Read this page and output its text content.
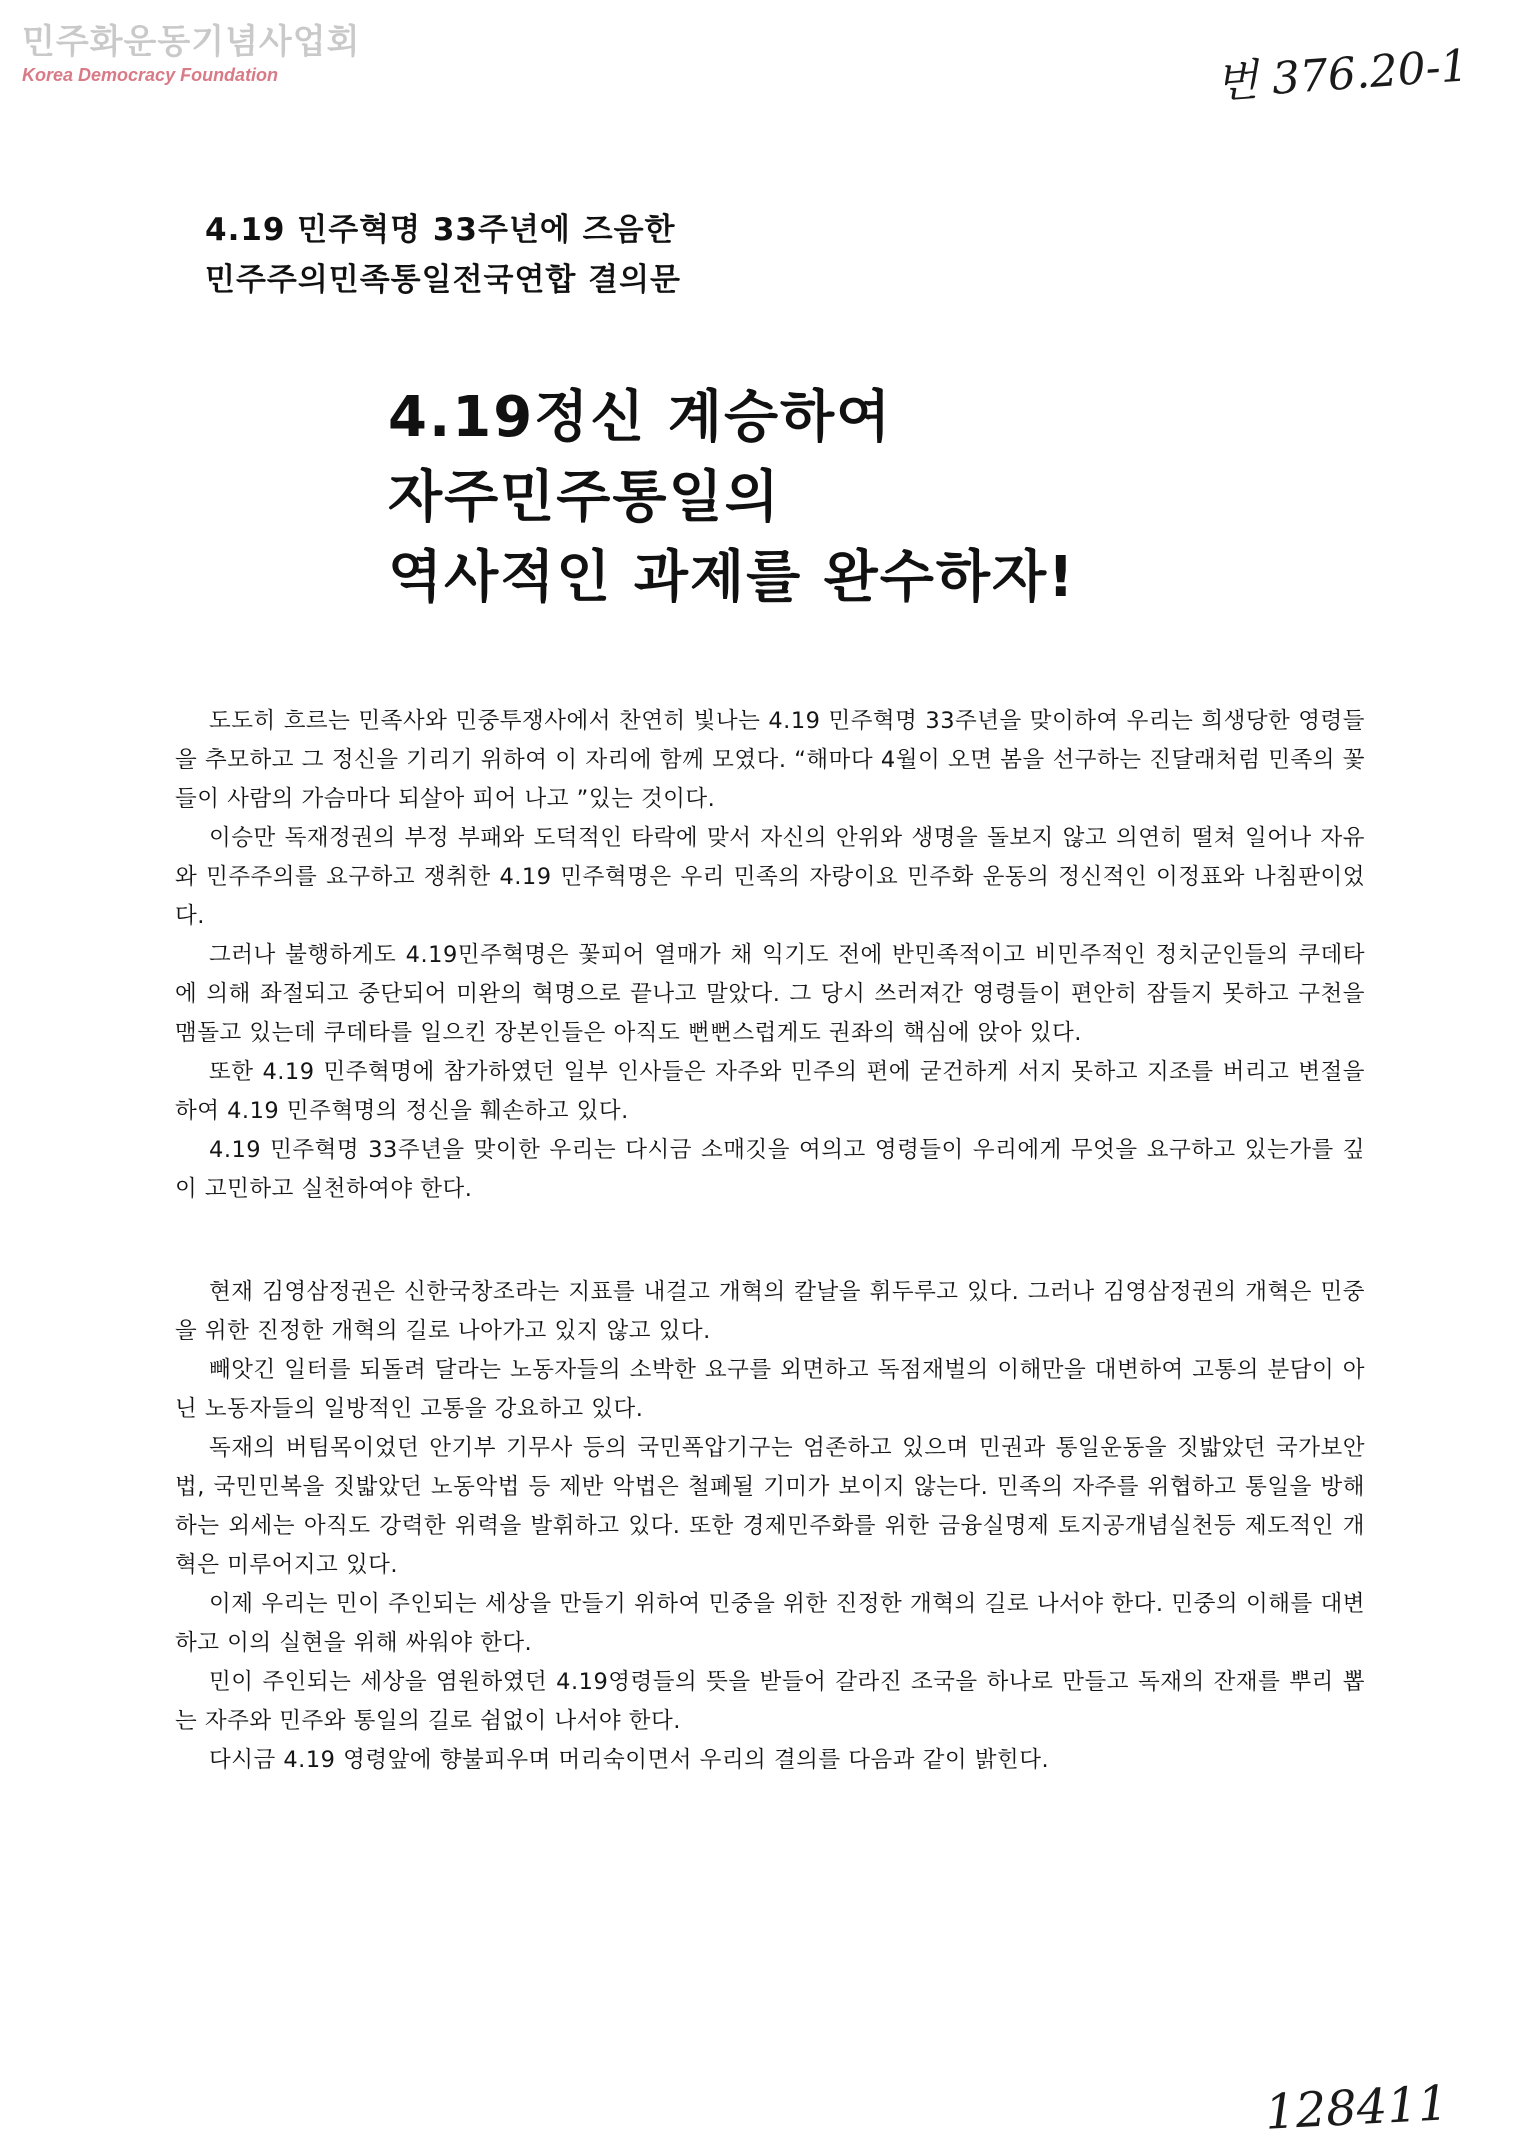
민주화운동기념사업회
Korea Democracy Foundation	번 376.20-1
4.19 민주혁명 33주년에 즈음한
민주주의민족통일전국연합 결의문
4.19정신 계승하여
자주민주통일의
역사적인 과제를 완수하자!

도도히 흐르는 민족사와 민중투쟁사에서 찬연히 빛나는 4.19 민주혁명 33주년을 맞이하여 우리는 희생당한 영령들을 추모하고 그 정신을 기리기 위하여 이 자리에 함께 모였다. “해마다 4월이 오면 봄을 선구하는 진달래처럼 민족의 꽃들이 사람의 가슴마다 되살아 피어 나고 ”있는 것이다.

이승만 독재정권의 부정 부패와 도덕적인 타락에 맞서 자신의 안위와 생명을 돌보지 않고 의연히 떨쳐 일어나 자유와 민주주의를 요구하고 쟁취한 4.19 민주혁명은 우리 민족의 자랑이요 민주화 운동의 정신적인 이정표와 나침판이었다.

그러나 불행하게도 4.19민주혁명은 꽃피어 열매가 채 익기도 전에 반민족적이고 비민주적인 정치군인들의 쿠데타에 의해 좌절되고 중단되어 미완의 혁명으로 끝나고 말았다. 그 당시 쓰러져간 영령들이 편안히 잠들지 못하고 구천을 맴돌고 있는데 쿠데타를 일으킨 장본인들은 아직도 뻔뻔스럽게도 권좌의 핵심에 앉아 있다.

또한 4.19 민주혁명에 참가하였던 일부 인사들은 자주와 민주의 편에 굳건하게 서지 못하고 지조를 버리고 변절을 하여 4.19 민주혁명의 정신을 훼손하고 있다.

4.19 민주혁명 33주년을 맞이한 우리는 다시금 소매깃을 여의고 영령들이 우리에게 무엇을 요구하고 있는가를 깊이 고민하고 실천하여야 한다.

현재 김영삼정권은 신한국창조라는 지표를 내걸고 개혁의 칼날을 휘두루고 있다. 그러나 김영삼정권의 개혁은 민중을 위한 진정한 개혁의 길로 나아가고 있지 않고 있다.

빼앗긴 일터를 되돌려 달라는 노동자들의 소박한 요구를 외면하고 독점재벌의 이해만을 대변하여 고통의 분담이 아닌 노동자들의 일방적인 고통을 강요하고 있다.

독재의 버팀목이었던 안기부 기무사 등의 국민폭압기구는 엄존하고 있으며 민권과 통일운동을 짓밟았던 국가보안법, 국민민복을 짓밟았던 노동악법 등 제반 악법은 철폐될 기미가 보이지 않는다. 민족의 자주를 위협하고 통일을 방해하는 외세는 아직도 강력한 위력을 발휘하고 있다. 또한 경제민주화를 위한 금융실명제 토지공개념실천등 제도적인 개혁은 미루어지고 있다.

이제 우리는 민이 주인되는 세상을 만들기 위하여 민중을 위한 진정한 개혁의 길로 나서야 한다. 민중의 이해를 대변하고 이의 실현을 위해 싸워야 한다.

민이 주인되는 세상을 염원하였던 4.19영령들의 뜻을 받들어 갈라진 조국을 하나로 만들고 독재의 잔재를 뿌리 뽑는 자주와 민주와 통일의 길로 쉼없이 나서야 한다.

다시금 4.19 영령앞에 향불피우며 머리숙이면서 우리의 결의를 다음과 같이 밝힌다.

128411
